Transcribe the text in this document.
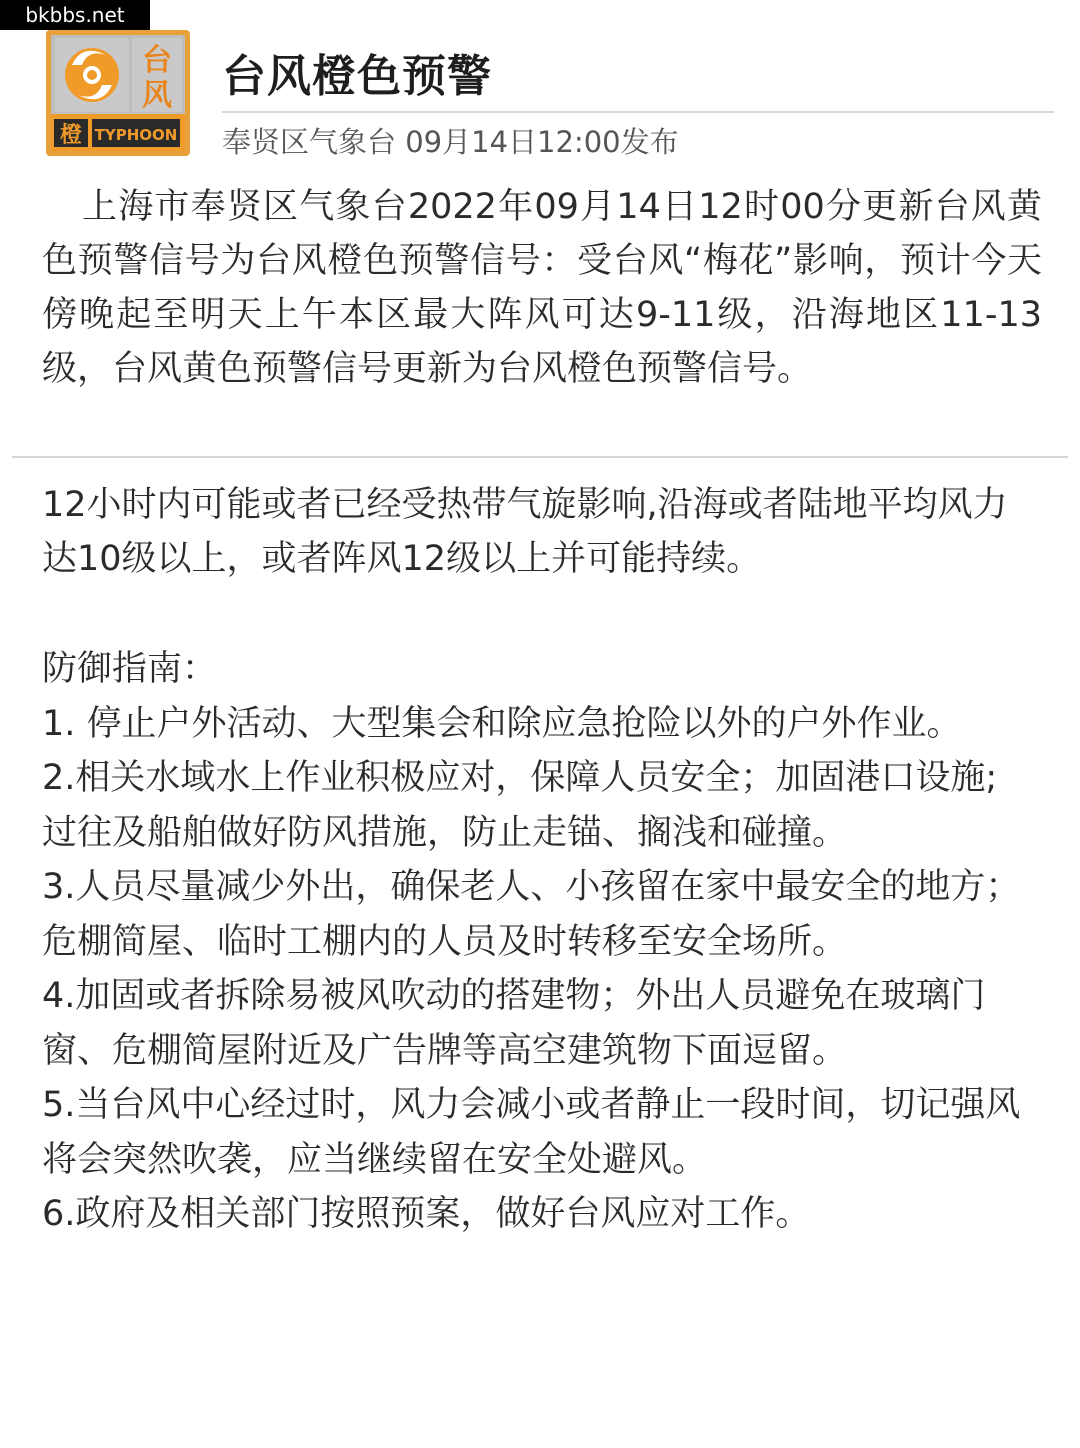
bkbbs.net
台
风
橙 TYPHOON
台风橙色预警
奉贤区气象台 09月14日12:00发布
上海市奉贤区气象台2022年09月14日12时00分更新台风黄色预警信号为台风橙色预警信号：受台风“梅花”影响，预计今天傍晚起至明天上午本区最大阵风可达9-11级，沿海地区11-13级，台风黄色预警信号更新为台风橙色预警信号。
12小时内可能或者已经受热带气旋影响,沿海或者陆地平均风力达10级以上，或者阵风12级以上并可能持续。
防御指南：
1. 停止户外活动、大型集会和除应急抢险以外的户外作业。
2.相关水域水上作业积极应对，保障人员安全；加固港口设施; 过往及船舶做好防风措施，防止走锚、搁浅和碰撞。
3.人员尽量减少外出，确保老人、小孩留在家中最安全的地方；危棚简屋、临时工棚内的人员及时转移至安全场所。
4.加固或者拆除易被风吹动的搭建物；外出人员避免在玻璃门窗、危棚简屋附近及广告牌等高空建筑物下面逗留。
5.当台风中心经过时，风力会减小或者静止一段时间，切记强风将会突然吹袭，应当继续留在安全处避风。
6.政府及相关部门按照预案，做好台风应对工作。
